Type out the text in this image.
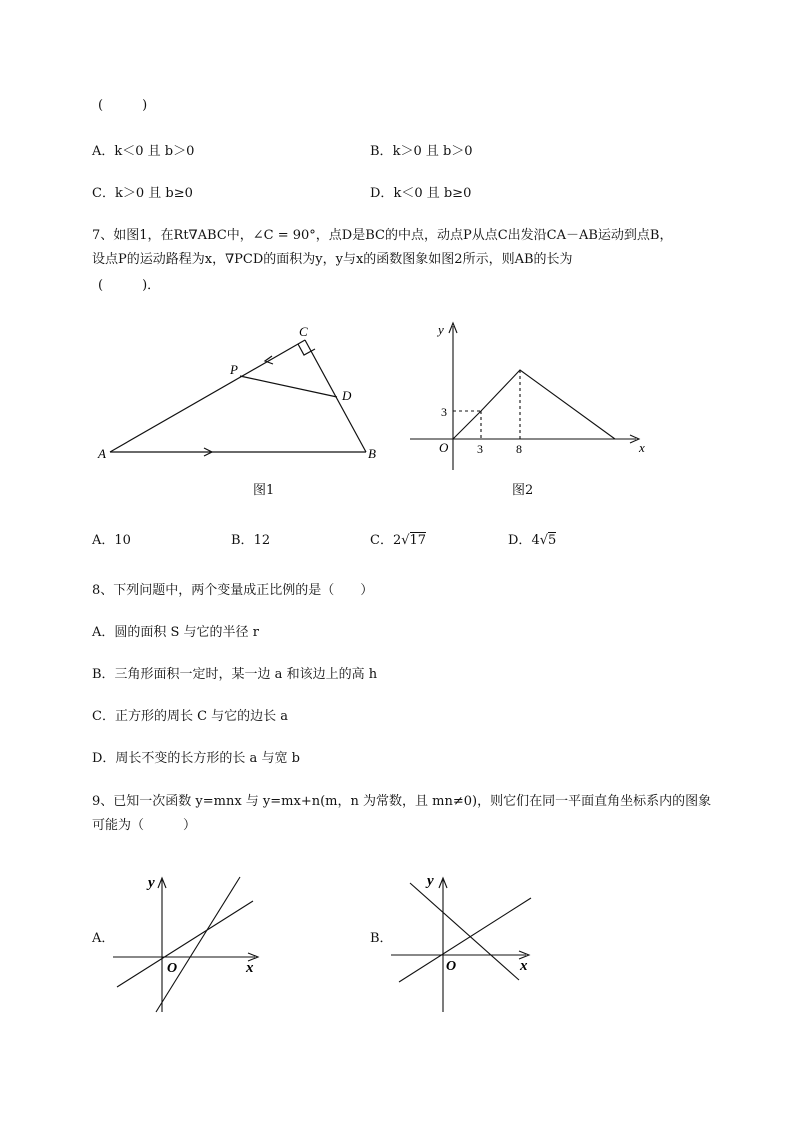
(　　　)
A．k＜0 且 b＞0	B．k＞0 且 b＞0
C．k＞0 且 b≥0	D．k＜0 且 b≥0
7、如图1，在Rt∇ABC中，∠C = 90°，点D是BC的中点，动点P从点C出发沿CA－AB运动到点B，
设点P的运动路程为x，∇PCD的面积为y，y与x的函数图象如图2所示，则AB的长为
(　　　)．
C
P
D
A	B
y
x
O
3
3	8
图1	图2
A．10	B．12	C．2√17	D．4√5
8、下列问题中，两个变量成正比例的是（　　）
A．圆的面积 S 与它的半径 r
B．三角形面积一定时，某一边 a 和该边上的高 h
C．正方形的周长 C 与它的边长 a
D．周长不变的长方形的长 a 与宽 b
9、已知一次函数 y=mnx 与 y=mx+n(m，n 为常数，且 mn≠0)，则它们在同一平面直角坐标系内的图象
可能为（　　　）
A．	B．
y
x
O
y
x
O
